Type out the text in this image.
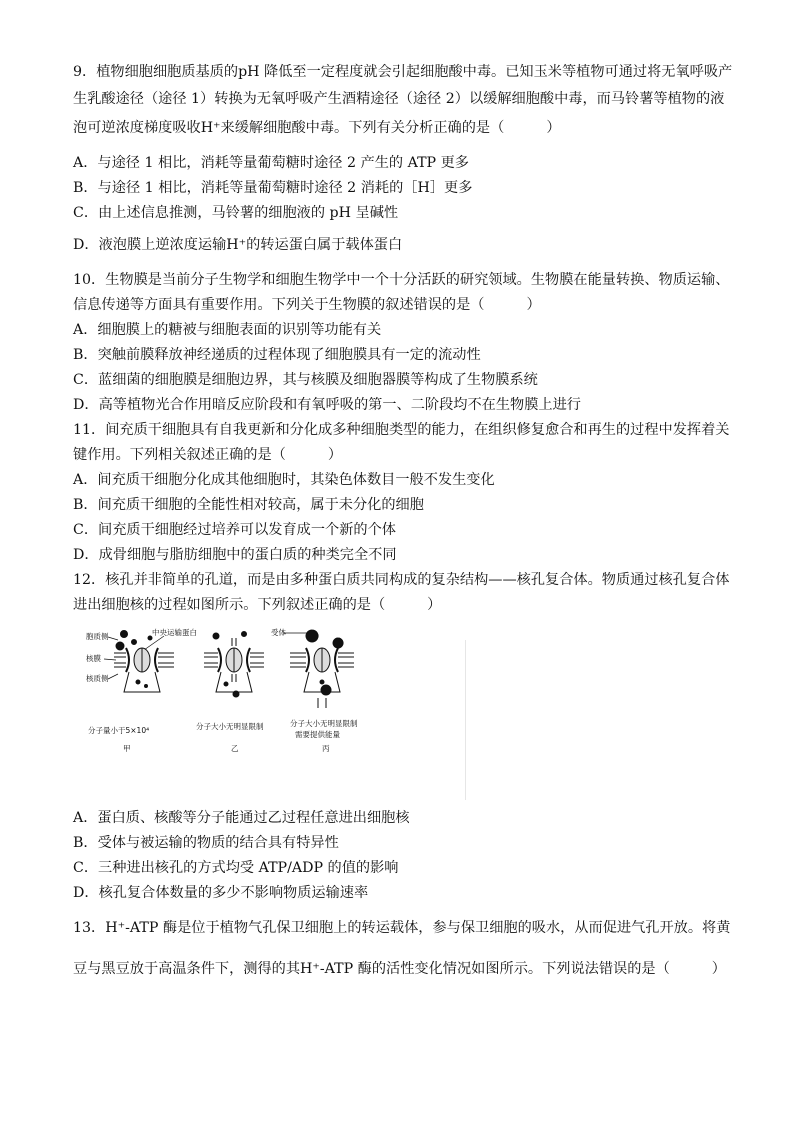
9．植物细胞细胞质基质的pH 降低至一定程度就会引起细胞酸中毒。已知玉米等植物可通过将无氧呼吸产
生乳酸途径（途径 1）转换为无氧呼吸产生酒精途径（途径 2）以缓解细胞酸中毒，而马铃薯等植物的液
泡可逆浓度梯度吸收H⁺来缓解细胞酸中毒。下列有关分析正确的是（	）
A．与途径 1 相比，消耗等量葡萄糖时途径 2 产生的 ATP 更多
B．与途径 1 相比，消耗等量葡萄糖时途径 2 消耗的［H］更多
C．由上述信息推测，马铃薯的细胞液的 pH 呈碱性
D．液泡膜上逆浓度运输H⁺的转运蛋白属于载体蛋白
10．生物膜是当前分子生物学和细胞生物学中一个十分活跃的研究领域。生物膜在能量转换、物质运输、
信息传递等方面具有重要作用。下列关于生物膜的叙述错误的是（	）
A．细胞膜上的糖被与细胞表面的识别等功能有关
B．突触前膜释放神经递质的过程体现了细胞膜具有一定的流动性
C．蓝细菌的细胞膜是细胞边界，其与核膜及细胞器膜等构成了生物膜系统
D．高等植物光合作用暗反应阶段和有氧呼吸的第一、二阶段均不在生物膜上进行
11．间充质干细胞具有自我更新和分化成多种细胞类型的能力，在组织修复愈合和再生的过程中发挥着关
键作用。下列相关叙述正确的是（	）
A．间充质干细胞分化成其他细胞时，其染色体数目一般不发生变化
B．间充质干细胞的全能性相对较高，属于未分化的细胞
C．间充质干细胞经过培养可以发育成一个新的个体
D．成骨细胞与脂肪细胞中的蛋白质的种类完全不同
12．核孔并非简单的孔道，而是由多种蛋白质共同构成的复杂结构——核孔复合体。物质通过核孔复合体
进出细胞核的过程如图所示。下列叙述正确的是（	）
胞质侧
核膜
核质侧
中央运输蛋白	受体
分子量小于5×10⁴	分子大小无明显限制	分子大小无明显限制
需要提供能量
甲	乙	丙
A．蛋白质、核酸等分子能通过乙过程任意进出细胞核
B．受体与被运输的物质的结合具有特异性
C．三种进出核孔的方式均受 ATP/ADP 的值的影响
D．核孔复合体数量的多少不影响物质运输速率
13．H⁺-ATP 酶是位于植物气孔保卫细胞上的转运载体，参与保卫细胞的吸水，从而促进气孔开放。将黄
豆与黑豆放于高温条件下，测得的其H⁺-ATP 酶的活性变化情况如图所示。下列说法错误的是（	）
